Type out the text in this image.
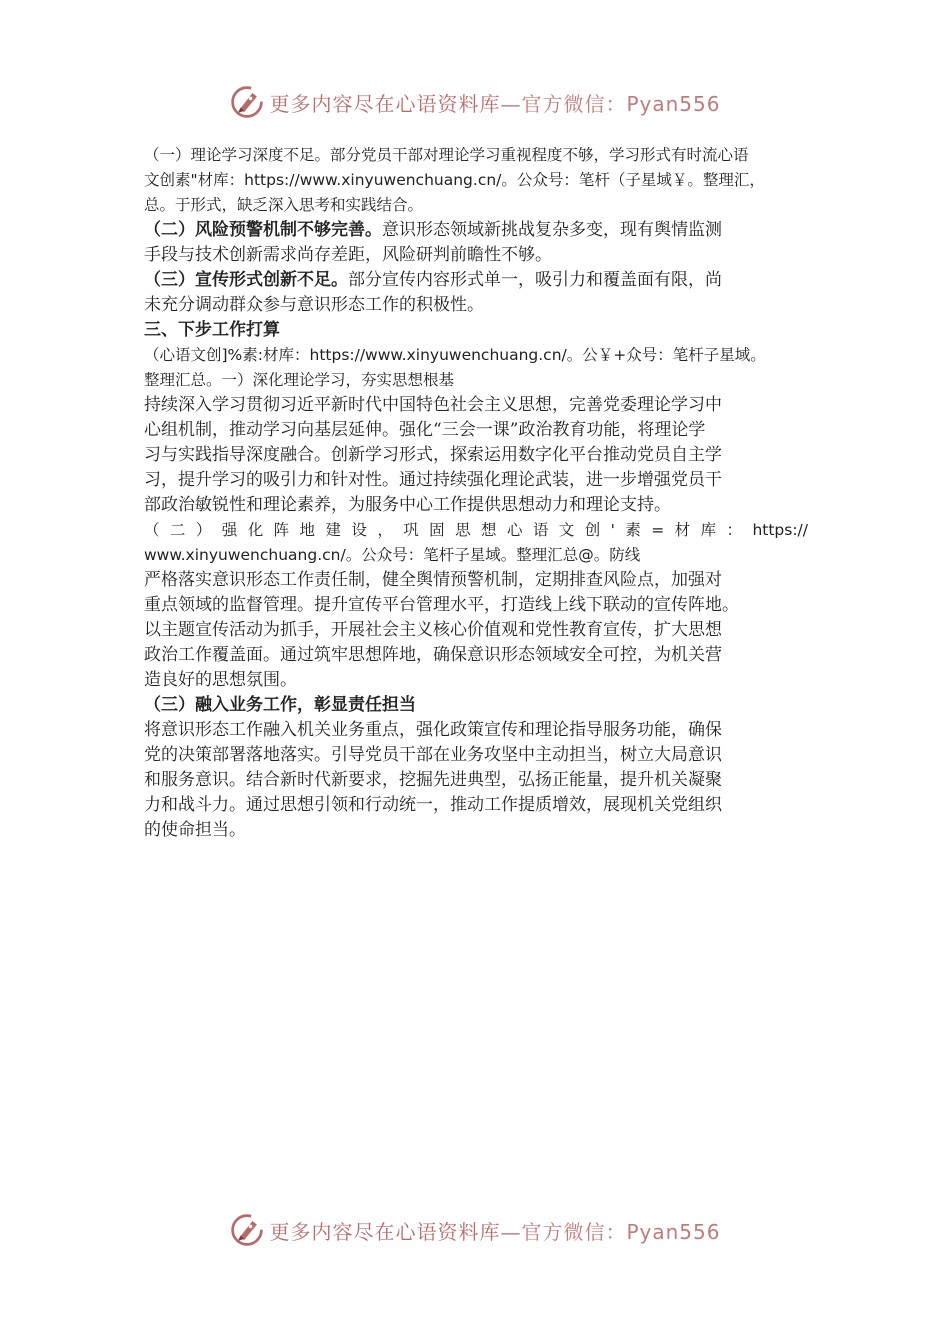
更多内容尽在心语资料库—官方微信：Pyan556
（一）理论学习深度不足。部分党员干部对理论学习重视程度不够，学习形式有时流心语
文创素"材库：https://www.xinyuwenchuang.cn/。公众号：笔杆（子星域￥。整理汇，
总。于形式，缺乏深入思考和实践结合。
（二）风险预警机制不够完善。意识形态领域新挑战复杂多变，现有舆情监测
手段与技术创新需求尚存差距，风险研判前瞻性不够。
（三）宣传形式创新不足。部分宣传内容形式单一，吸引力和覆盖面有限，尚
未充分调动群众参与意识形态工作的积极性。
三、下步工作打算
（心语文创]%素:材库：https://www.xinyuwenchuang.cn/。公￥+众号：笔杆子星域。
整理汇总。一）深化理论学习，夯实思想根基
持续深入学习贯彻习近平新时代中国特色社会主义思想，完善党委理论学习中
心组机制，推动学习向基层延伸。强化“三会一课”政治教育功能，将理论学
习与实践指导深度融合。创新学习形式，探索运用数字化平台推动党员自主学
习，提升学习的吸引力和针对性。通过持续强化理论武装，进一步增强党员干
部政治敏锐性和理论素养，为服务中心工作提供思想动力和理论支持。
（二）强化阵地建设，巩固思想心语文创'素=材库：https://
www.xinyuwenchuang.cn/。公众号：笔杆子星域。整理汇总@。防线
严格落实意识形态工作责任制，健全舆情预警机制，定期排查风险点，加强对
重点领域的监督管理。提升宣传平台管理水平，打造线上线下联动的宣传阵地。
以主题宣传活动为抓手，开展社会主义核心价值观和党性教育宣传，扩大思想
政治工作覆盖面。通过筑牢思想阵地，确保意识形态领域安全可控，为机关营
造良好的思想氛围。
（三）融入业务工作，彰显责任担当
将意识形态工作融入机关业务重点，强化政策宣传和理论指导服务功能，确保
党的决策部署落地落实。引导党员干部在业务攻坚中主动担当，树立大局意识
和服务意识。结合新时代新要求，挖掘先进典型，弘扬正能量，提升机关凝聚
力和战斗力。通过思想引领和行动统一，推动工作提质增效，展现机关党组织
的使命担当。
更多内容尽在心语资料库—官方微信：Pyan556
